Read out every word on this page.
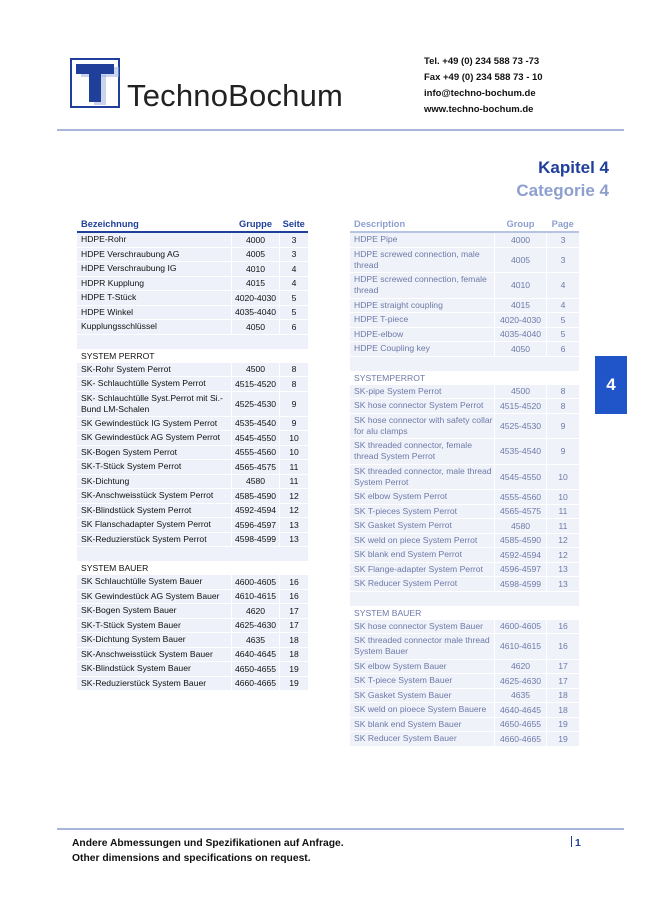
TechnoBochum
Tel. +49 (0) 234 588 73 -73
Fax +49 (0) 234 588 73 - 10
info@techno-bochum.de
www.techno-bochum.de
Kapitel 4
Categorie 4
4
Bezeichnung	Gruppe	Seite
HDPE-Rohr	4000	3
HDPE Verschraubung AG	4005	3
HDPE Verschraubung IG	4010	4
HDPR Kupplung	4015	4
HDPE T-Stück	4020-4030	5
HDPE Winkel	4035-4040	5
Kupplungsschlüssel	4050	6

SYSTEM PERROT		
SK-Rohr System Perrot	4500	8
SK- Schlauchtülle System Perrot	4515-4520	8
SK- Schlauchtülle Syst.Perrot mit Si.-Bund LM-Schalen	4525-4530	9
SK Gewindestück IG System Perrot	4535-4540	9
SK Gewindestück AG System Perrot	4545-4550	10
SK-Bogen System Perrot	4555-4560	10
SK-T-Stück System Perrot	4565-4575	11
SK-Dichtung	4580	11
SK-Anschweisstück System Perrot	4585-4590	12
SK-Blindstück System Perrot	4592-4594	12
SK Flanschadapter System Perrot	4596-4597	13
SK-Reduzierstück System Perrot	4598-4599	13

SYSTEM BAUER		
SK Schlauchtülle System Bauer	4600-4605	16
SK Gewindestück AG System Bauer	4610-4615	16
SK-Bogen System Bauer	4620	17
SK-T-Stück System Bauer	4625-4630	17
SK-Dichtung System Bauer	4635	18
SK-Anschweisstück System Bauer	4640-4645	18
SK-Blindstück System Bauer	4650-4655	19
SK-Reduzierstück System Bauer	4660-4665	19
Description	Group	Page
HDPE Pipe	4000	3
HDPE screwed connection, male thread	4005	3
HDPE screwed connection, female thread	4010	4
HDPE straight coupling	4015	4
HDPE T-piece	4020-4030	5
HDPE-elbow	4035-4040	5
HDPE Coupling key	4050	6

SYSTEMPERROT		
SK-pipe System Perrot	4500	8
SK hose connector System Perrot	4515-4520	8
SK hose connector with safety collar for alu clamps	4525-4530	9
SK threaded connector, female thread System Perrot	4535-4540	9
SK threaded connector, male thread System Perrot	4545-4550	10
SK elbow System Perrot	4555-4560	10
SK T-pieces System Perrot	4565-4575	11
SK Gasket System Perrot	4580	11
SK weld on piece System Perrot	4585-4590	12
SK blank end System Perrot	4592-4594	12
SK Flange-adapter System Perrot	4596-4597	13
SK Reducer System Perrot	4598-4599	13

SYSTEM BAUER		
SK hose connector System Bauer	4600-4605	16
SK threaded connector male thread System Bauer	4610-4615	16
SK elbow System Bauer	4620	17
SK T-piece System Bauer	4625-4630	17
SK Gasket System Bauer	4635	18
SK weld on pioece System Bauere	4640-4645	18
SK blank end System Bauer	4650-4655	19
SK Reducer System Bauer	4660-4665	19
Andere Abmessungen und Spezifikationen auf Anfrage.
Other dimensions and specifications on request.
1
